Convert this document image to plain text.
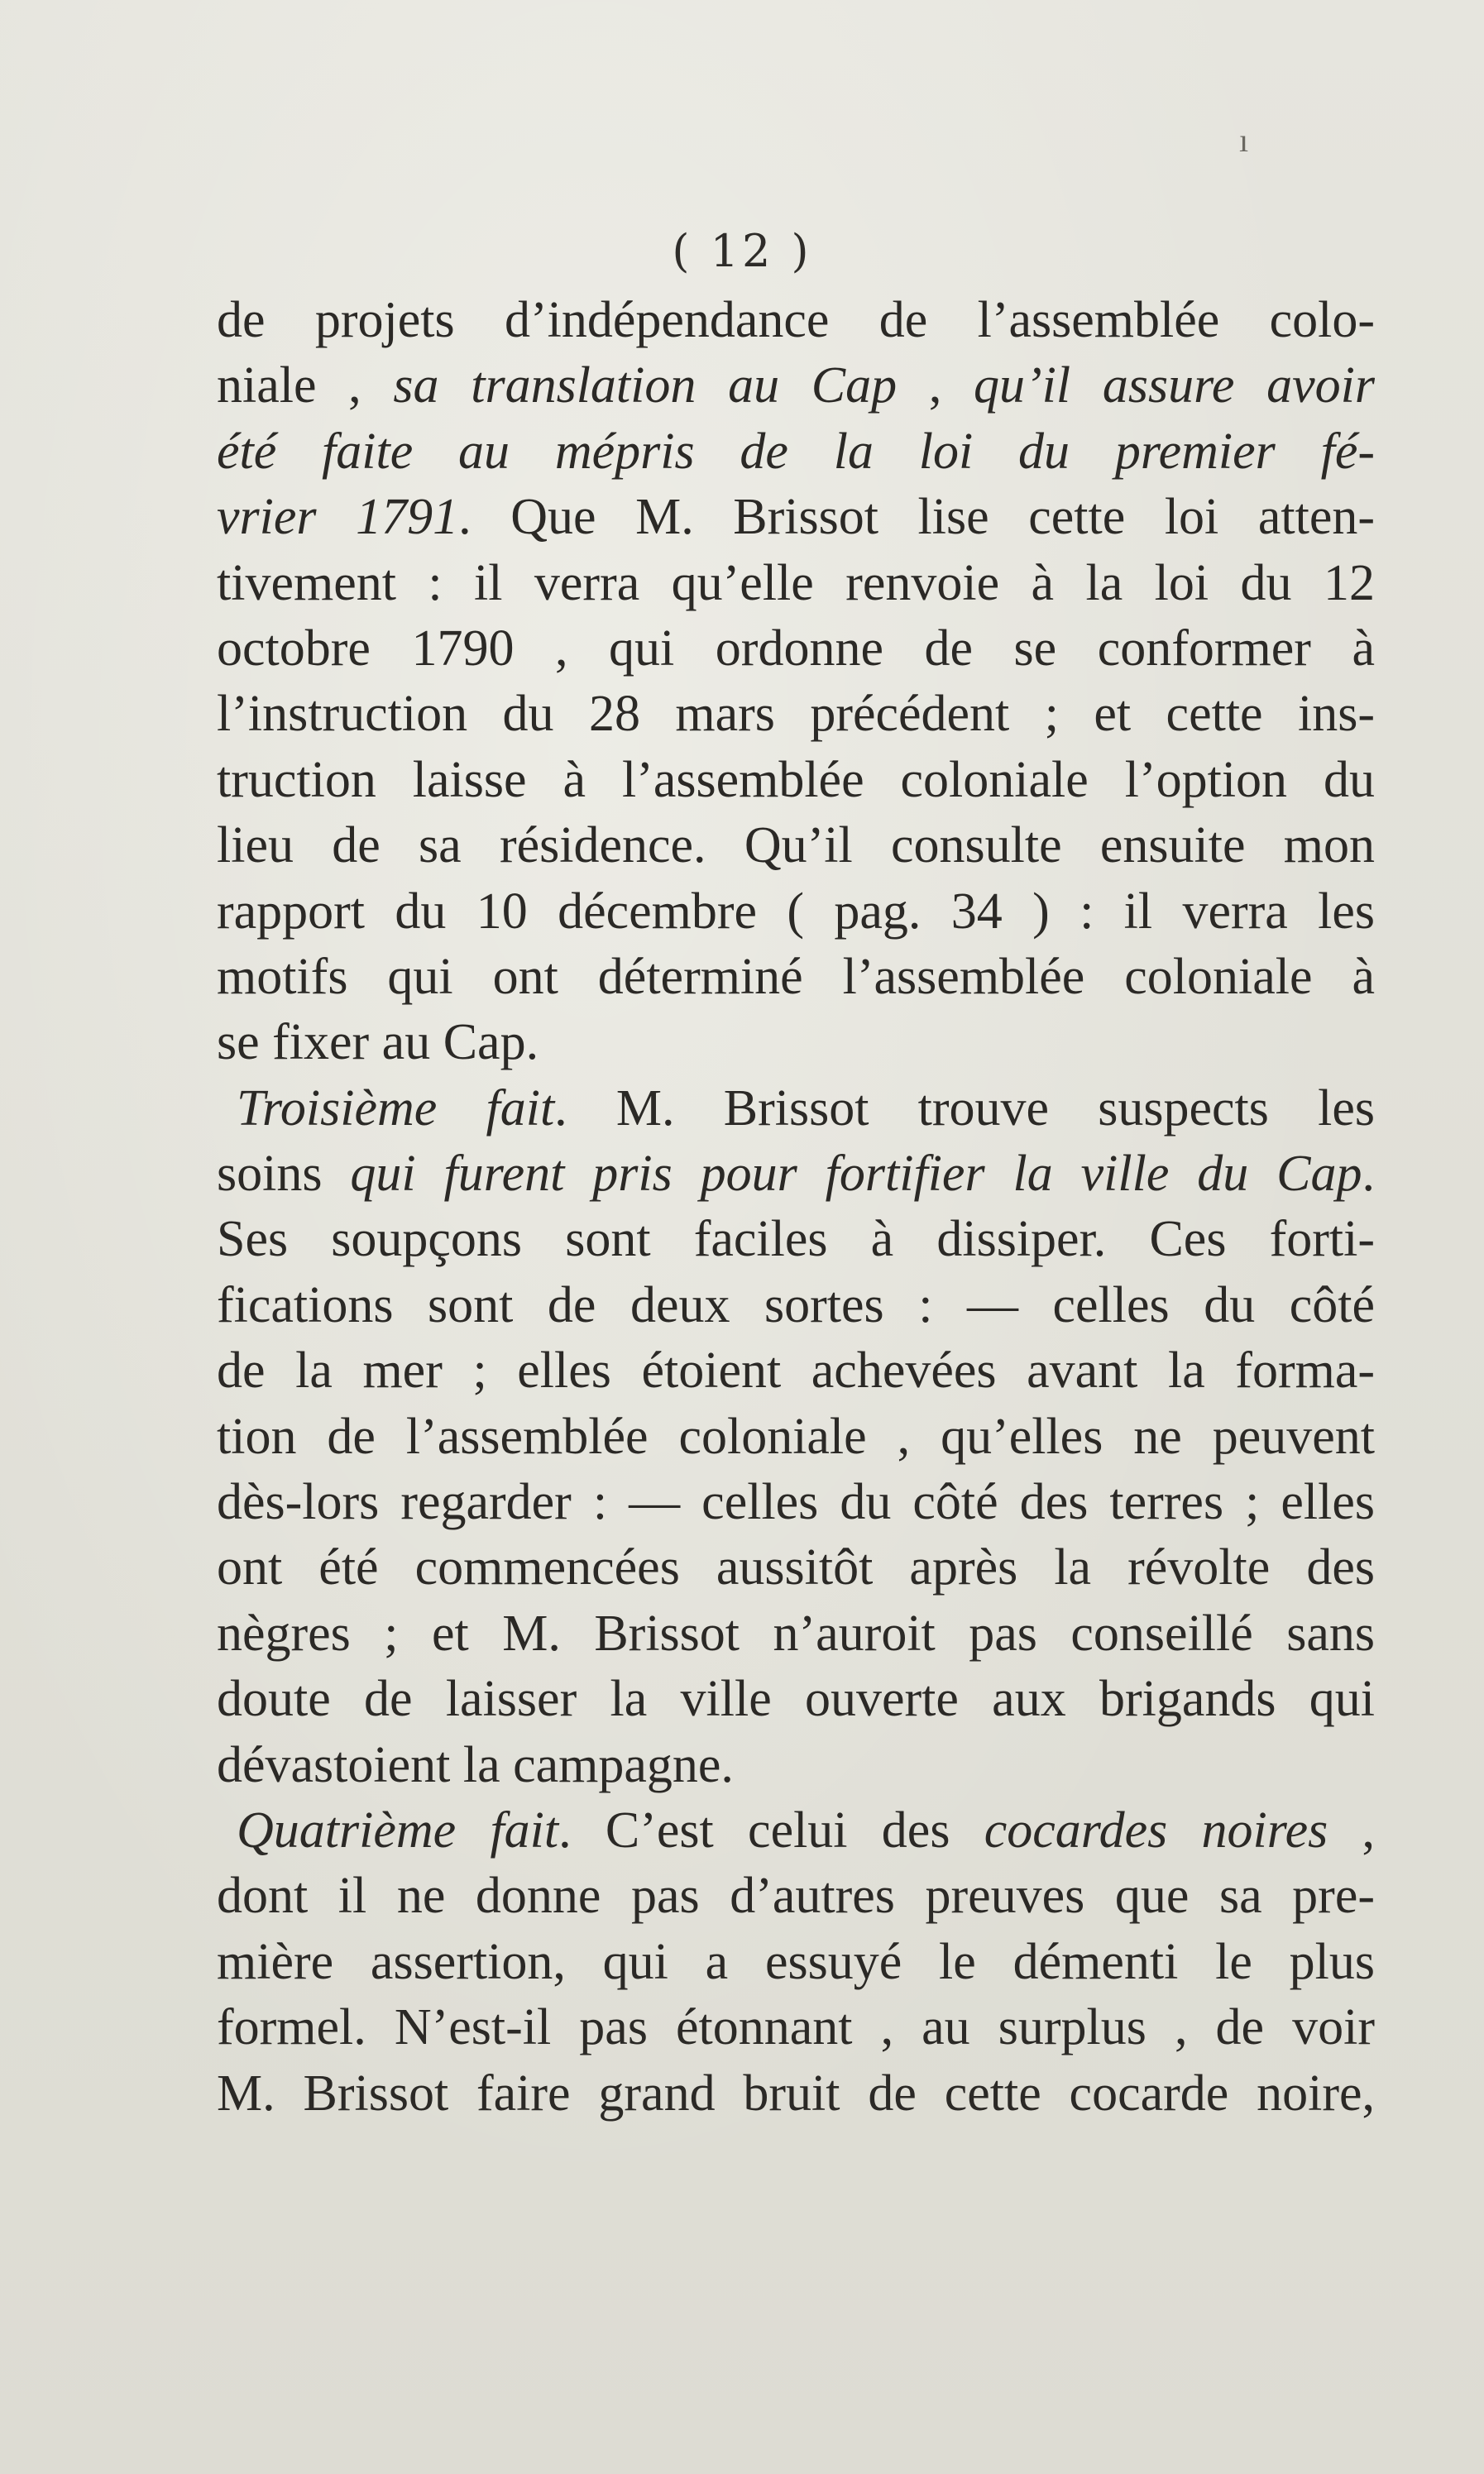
ı
( 12 )
de projets d’indépendance de l’assemblée colo-
niale , sa translation au Cap , qu’il assure avoir
été faite au mépris de la loi du premier fé-
vrier 1791. Que M. Brissot lise cette loi atten-
tivement : il verra qu’elle renvoie à la loi du 12
octobre 1790 , qui ordonne de se conformer à
l’instruction du 28 mars précédent ; et cette ins-
truction laisse à l’assemblée coloniale l’option du
lieu de sa résidence. Qu’il consulte ensuite mon
rapport du 10 décembre ( pag. 34 ) : il verra les
motifs qui ont déterminé l’assemblée coloniale à
se fixer au Cap.
Troisième fait. M. Brissot trouve suspects les
soins qui furent pris pour fortifier la ville du Cap.
Ses soupçons sont faciles à dissiper. Ces forti-
fications sont de deux sortes : — celles du côté
de la mer ; elles étoient achevées avant la forma-
tion de l’assemblée coloniale , qu’elles ne peuvent
dès-lors regarder : — celles du côté des terres ; elles
ont été commencées aussitôt après la révolte des
nègres ; et M. Brissot n’auroit pas conseillé sans
doute de laisser la ville ouverte aux brigands qui
dévastoient la campagne.
Quatrième fait. C’est celui des cocardes noires ,
dont il ne donne pas d’autres preuves que sa pre-
mière assertion, qui a essuyé le démenti le plus
formel. N’est-il pas étonnant , au surplus , de voir
M. Brissot faire grand bruit de cette cocarde noire,
